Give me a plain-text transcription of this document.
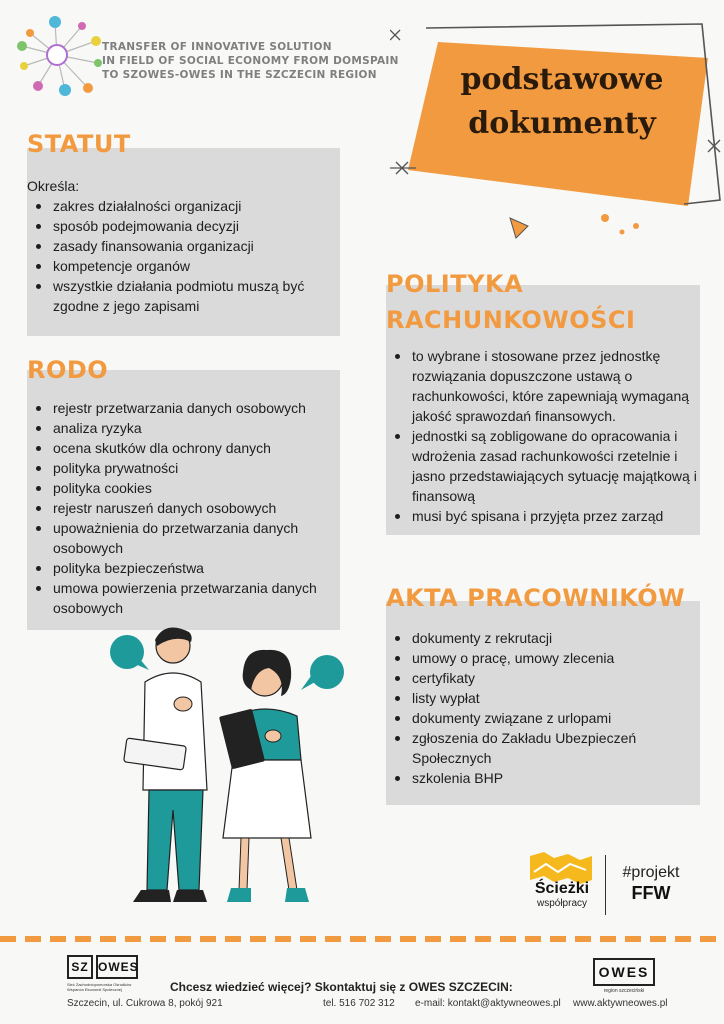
TRANSFER OF INNOVATIVE SOLUTION
IN FIELD OF SOCIAL ECONOMY FROM DOMSPAIN
TO SZOWES-OWES IN THE SZCZECIN REGION	podstawowe
dokumenty
STATUT
Określa:
zakres działalności organizacji
sposób podejmowania decyzji
zasady finansowania organizacji
kompetencje organów
wszystkie działania podmiotu muszą być zgodne z jego zapisami
RODO
rejestr przetwarzania danych osobowych
analiza ryzyka
ocena skutków dla ochrony danych
polityka prywatności
polityka cookies
rejestr naruszeń danych osobowych
upoważnienia do przetwarzania danych osobowych
polityka bezpieczeństwa
umowa powierzenia przetwarzania danych osobowych
POLITYKA
RACHUNKOWOŚCI
to wybrane i stosowane przez jednostkę rozwiązania dopuszczone ustawą o rachunkowości, które zapewniają wymaganą jakość sprawozdań finansowych.
jednostki są zobligowane do opracowania i wdrożenia zasad rachunkowości rzetelnie i jasno przedstawiających sytuację majątkową i finansową
musi być spisana i przyjęta przez zarząd
AKTA PRACOWNIKÓW
dokumenty z rekrutacji
umowy o pracę, umowy zlecenia
certyfikaty
listy wypłat
dokumenty związane z urlopami
zgłoszenia do Zakładu Ubezpieczeń Społecznych
szkolenia BHP
Ścieżki
współpracy
#projekt
FFW
SZ OWES
Sieć Zachodniopomorska Ośrodków Wsparcia Ekonomii Społecznej	Chcesz wiedzieć więcej? Skontaktuj się z OWES SZCZECIN:
Szczecin, ul. Cukrowa 8, pokój 921	tel. 516 702 312 e-mail: kontakt@aktywneowes.pl www.aktywneowes.pl
OWES
region szczeciński
